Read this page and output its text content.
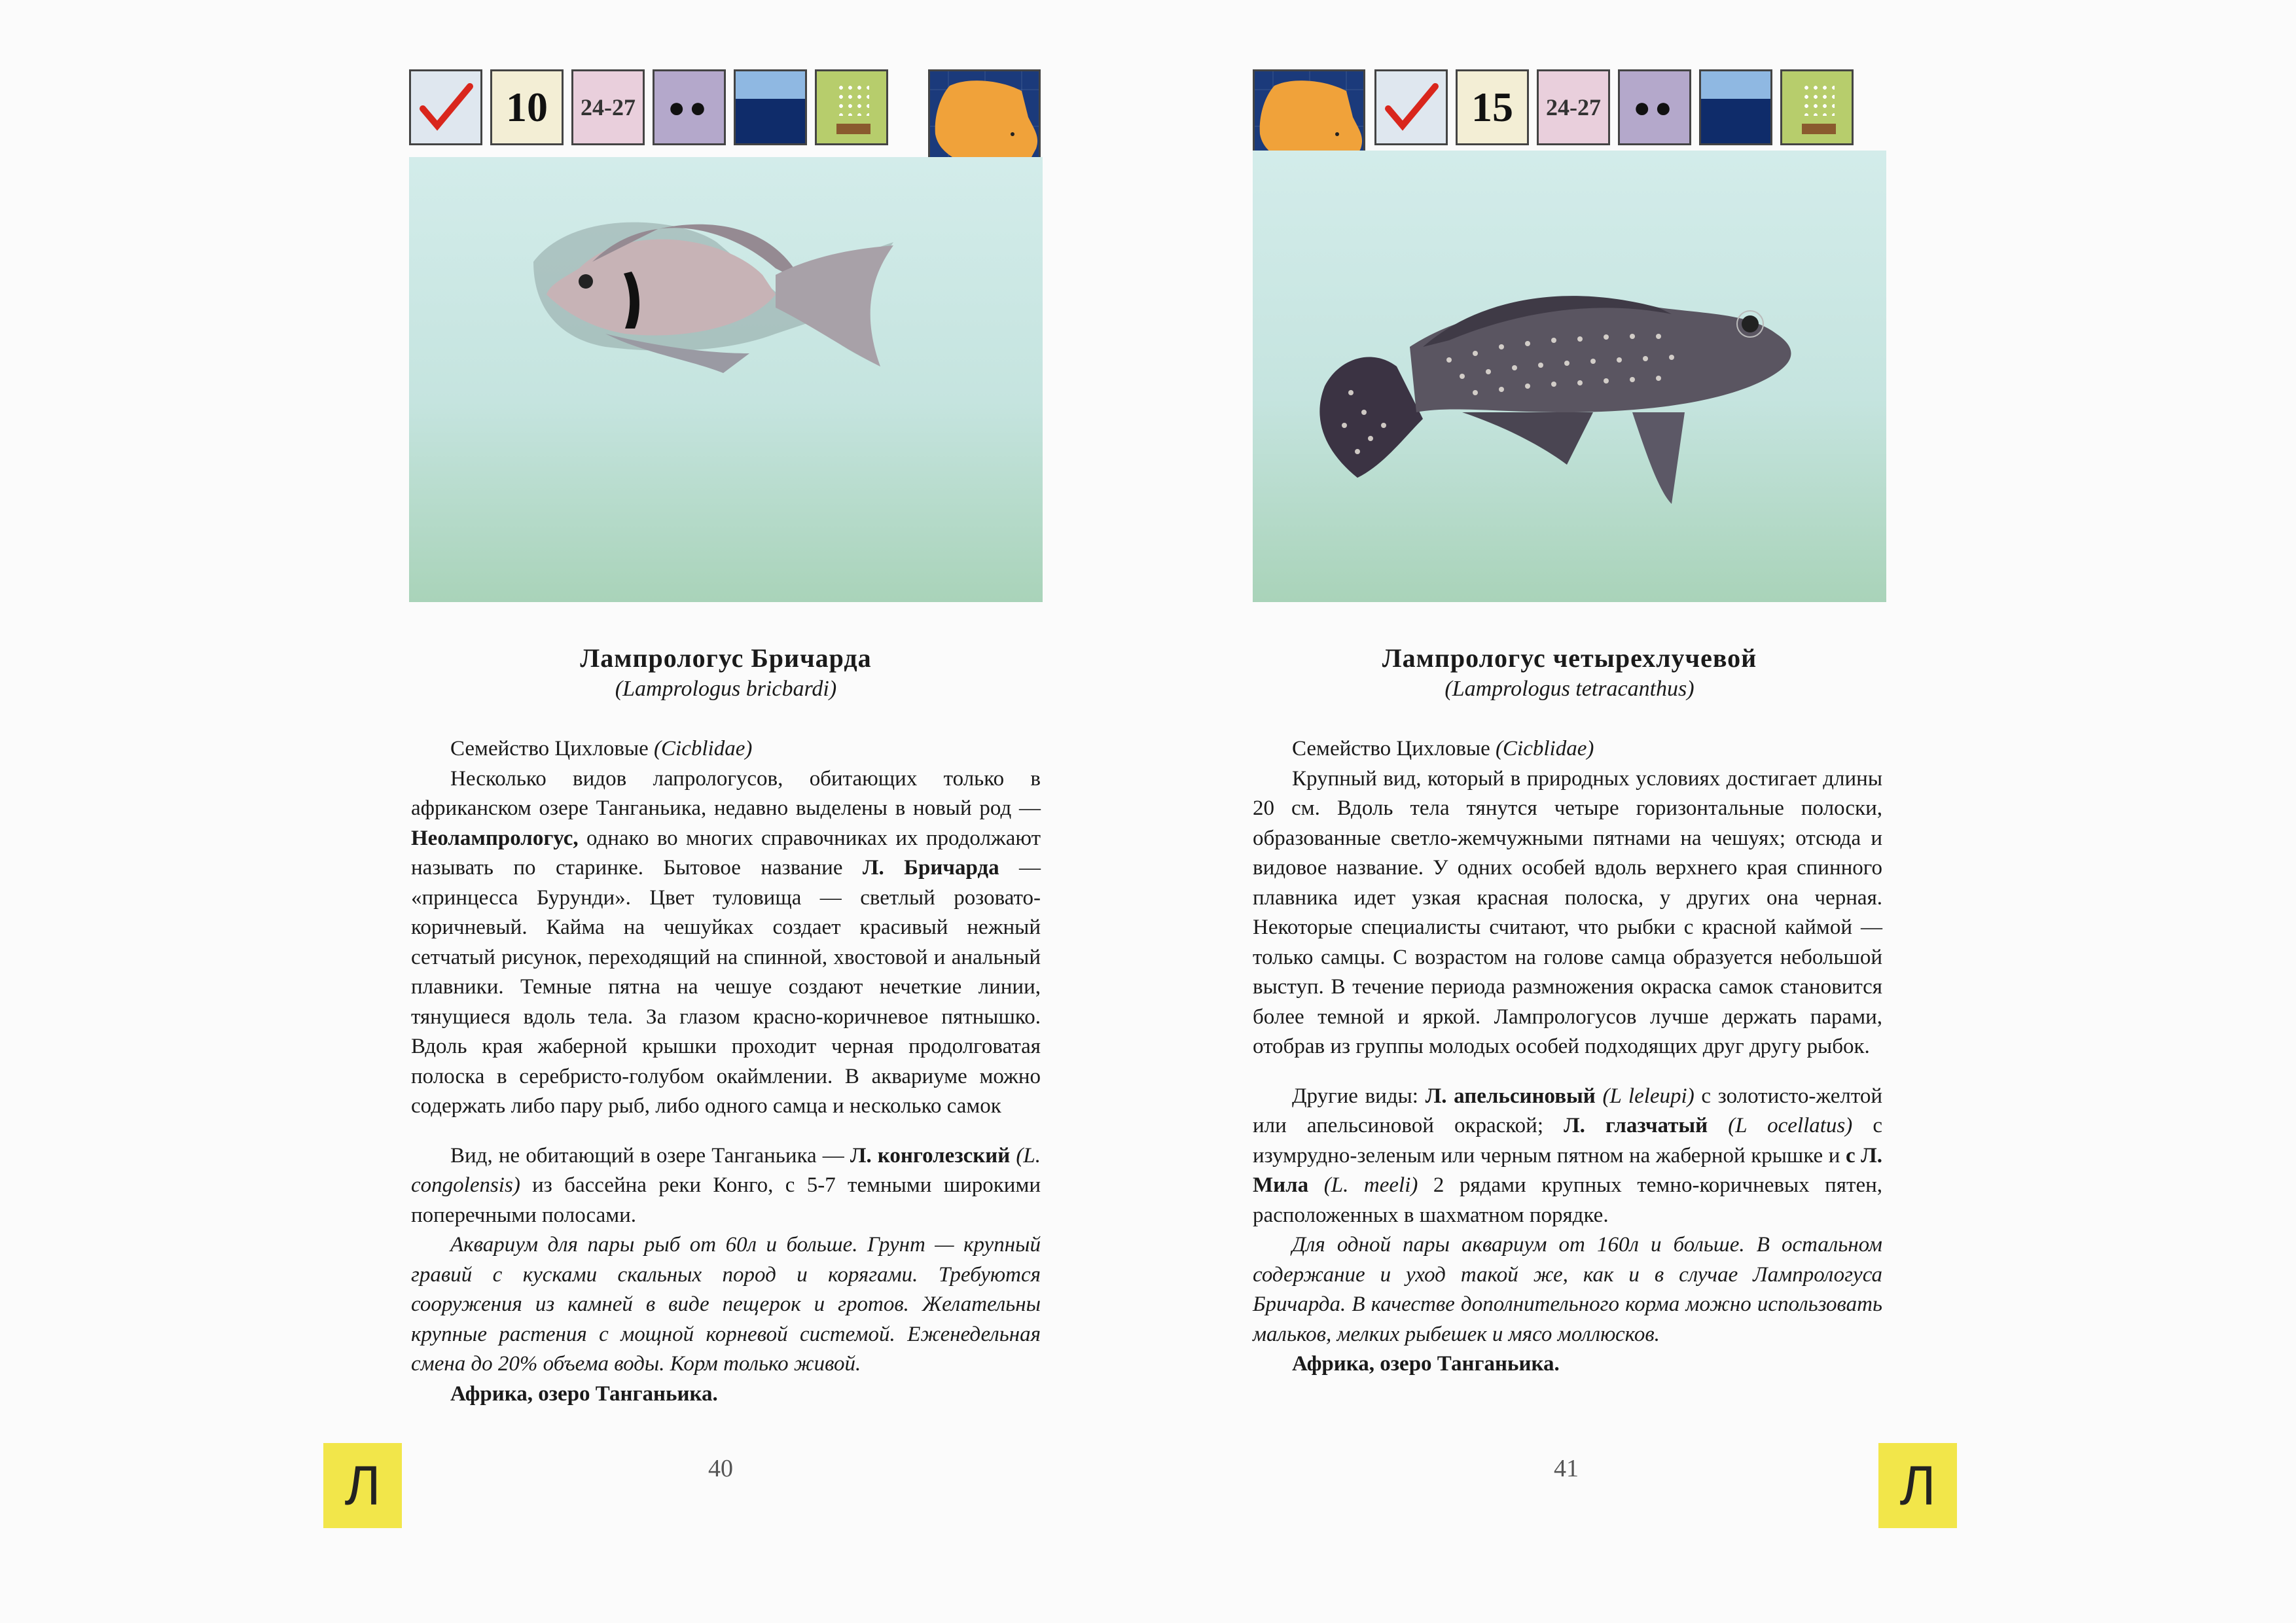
10	24-27	●●
Лампрологус Бричарда
(Lamprologus bricbardi)

Семейство Цихловые (Cicblidae)

Несколько видов лапрологусов, обитающих только в африканском озере Танганьика, недавно выделены в новый род — Неолампрологус, однако во многих справочниках их продолжают называть по старинке. Бытовое название Л. Бричарда — «принцесса Бурунди». Цвет туловища — светлый розовато-коричневый. Кайма на чешуйках создает красивый нежный сетчатый рисунок, переходящий на спинной, хвостовой и анальный плавники. Темные пятна на чешуе создают нечеткие линии, тянущиеся вдоль тела. За глазом красно-коричневое пятнышко. Вдоль края жаберной крышки проходит черная продолговатая полоска в серебристо-голубом окаймлении. В аквариуме можно содержать либо пару рыб, либо одного самца и несколько самок

Вид, не обитающий в озере Танганьика — Л. конголезский (L. congolensis) из бассейна реки Конго, с 5-7 темными широкими поперечными полосами.

Аквариум для пары рыб от 60л и больше. Грунт — крупный гравий с кусками скальных пород и корягами. Требуются сооружения из камней в виде пещерок и гротов. Желательны крупные растения с мощной корневой системой. Еженедельная смена до 20% объема воды. Корм только живой.

Африка, озеро Танганьика.

40
Л
15	24-27	●●
Лампрологус четырехлучевой
(Lamprologus tetracanthus)

Семейство Цихловые (Cicblidae)

Крупный вид, который в природных условиях достигает длины 20 см. Вдоль тела тянутся четыре горизонтальные полоски, образованные светло-жемчужными пятнами на чешуях; отсюда и видовое название. У одних особей вдоль верхнего края спинного плавника идет узкая красная полоска, у других она черная. Некоторые специалисты считают, что рыбки с красной каймой — только самцы. С возрастом на голове самца образуется небольшой выступ. В течение периода размножения окраска самок становится более темной и яркой. Лампрологусов лучше держать парами, отобрав из группы молодых особей подходящих друг другу рыбок.

Другие виды: Л. апельсиновый (L leleupi) с золотисто-желтой или апельсиновой окраской; Л. глазчатый (L ocellatus) с изумрудно-зеленым или черным пятном на жаберной крышке и с Л. Мила (L. meeli) 2 рядами крупных темно-коричневых пятен, расположенных в шахматном порядке.

Для одной пары аквариум от 160л и больше. В остальном содержание и уход такой же, как и в случае Лампрологуса Бричарда. В качестве дополнительного корма можно использовать мальков, мелких рыбешек и мясо моллюсков.

Африка, озеро Танганьика.

41	Л
